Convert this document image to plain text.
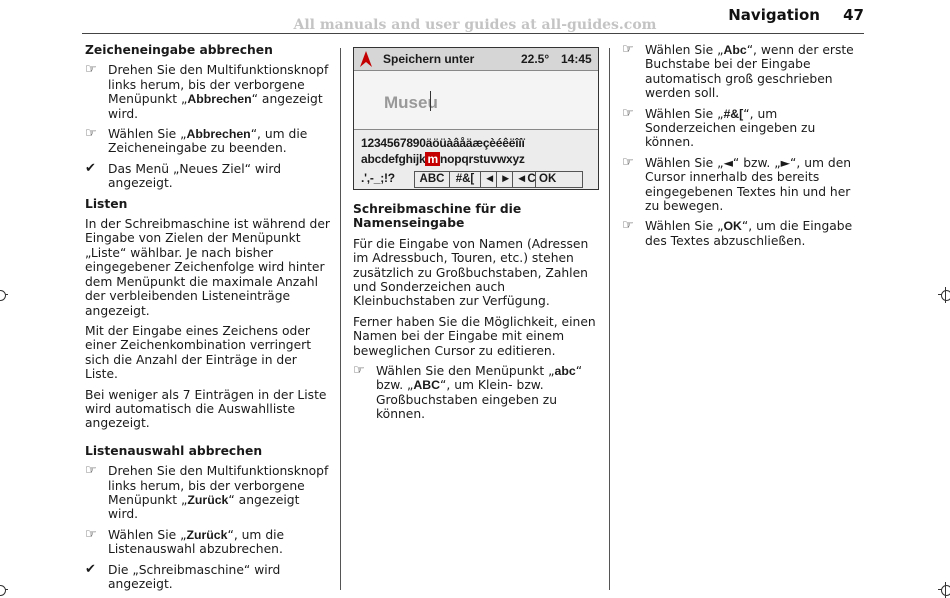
All manuals and user guides at all-guides.com
Navigation 47
Zeicheneingabe abbrechen
☞ Drehen Sie den Multifunktionsknopf links herum, bis der verborgene Menüpunkt „Abbrechen“ angezeigt wird.
☞ Wählen Sie „Abbrechen“, um die Zeicheneingabe zu beenden.
✔ Das Menü „Neues Ziel“ wird angezeigt.
Listen

In der Schreibmaschine ist während der Eingabe von Zielen der Menüpunkt „Liste“ wählbar. Je nach bisher eingegebener Zeichenfolge wird hinter dem Menüpunkt die maximale Anzahl der verbleibenden Listeneinträge angezeigt.

Mit der Eingabe eines Zeichens oder einer Zeichenkombination verringert sich die Anzahl der Einträge in der Liste.

Bei weniger als 7 Einträgen in der Liste wird automatisch die Auswahlliste angezeigt.

Listenauswahl abbrechen
☞ Drehen Sie den Multifunktionsknopf links herum, bis der verborgene Menüpunkt „Zurück“ angezeigt wird.
☞ Wählen Sie „Zurück“, um die Listenauswahl abzubrechen.
✔ Die „Schreibmaschine“ wird angezeigt.
Speichern unter	22.5° 14:45
Museu
1234567890äöüàâåäæçèéêëîíï
abcdefghijk m nopqrstuvwxyz
.',-_;!?	ABC #&[ ◄ ► ◄C OK
Schreibmaschine für die Namenseingabe

Für die Eingabe von Namen (Adressen im Adressbuch, Touren, etc.) stehen zusätzlich zu Großbuchstaben, Zahlen und Sonderzeichen auch Kleinbuchstaben zur Verfügung.

Ferner haben Sie die Möglichkeit, einen Namen bei der Eingabe mit einem beweglichen Cursor zu editieren.

☞ Wählen Sie den Menüpunkt „abc“ bzw. „ABC“, um Klein- bzw. Großbuchstaben eingeben zu können.
☞ Wählen Sie „Abc“, wenn der erste Buchstabe bei der Eingabe automatisch groß geschrieben werden soll.
☞ Wählen Sie „#&[“, um Sonderzeichen eingeben zu können.
☞ Wählen Sie „◄“ bzw. „►“, um den Cursor innerhalb des bereits eingegebenen Textes hin und her zu bewegen.
☞ Wählen Sie „OK“, um die Eingabe des Textes abzuschließen.
